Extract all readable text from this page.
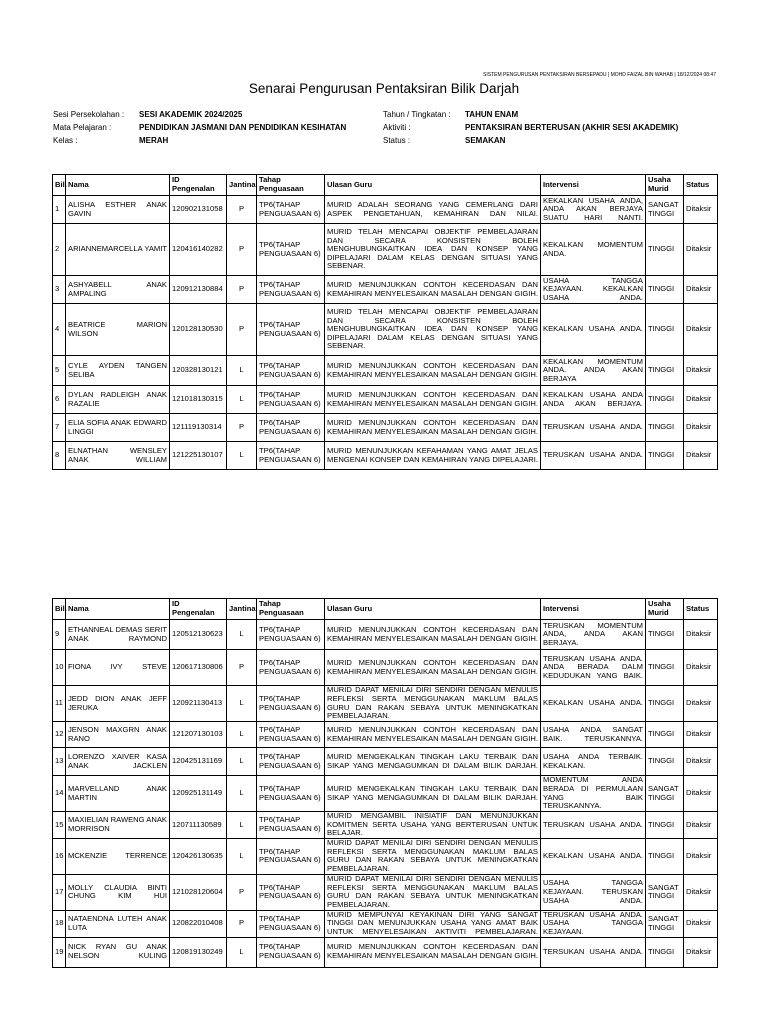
SISTEM PENGURUSAN PENTAKSIRAN BERSEPADU | MOHD FAIZAL BIN WAHAB | 18/12/2024 08:47
Senarai Pengurusan Pentaksiran Bilik Darjah
Sesi Persekolahan : SESI AKADEMIK 2024/2025
Mata Pelajaran :	PENDIDIKAN JASMANI DAN PENDIDIKAN KESIHATAN
Kelas :	MERAH
Tahun / Tingkatan : TAHUN ENAM
Aktiviti :	PENTAKSIRAN BERTERUSAN (AKHIR SESI AKADEMIK)
Status :	SEMAKAN
Bil.	Nama	ID Pengenalan	Jantina	Tahap Penguasaan	Ulasan Guru	Intervensi	Usaha Murid	Status
1	ALISHA ESTHER ANAK GAVIN	120902131058	P	TP6(TAHAP PENGUASAAN 6)	MURID ADALAH SEORANG YANG CEMERLANG DARI ASPEK PENGETAHUAN, KEMAHIRAN DAN NILAI.	KEKALKAN USAHA ANDA, ANDA AKAN BERJAYA SUATU HARI NANTI.	SANGAT TINGGI	Ditaksir
2	ARIANNEMARCELLA YAMIT	120416140282	P	TP6(TAHAP PENGUASAAN 6)	MURID TELAH MENCAPAI OBJEKTIF PEMBELAJARAN DAN SECARA KONSISTEN BOLEH MENGHUBUNGKAITKAN IDEA DAN KONSEP YANG DIPELAJARI DALAM KELAS DENGAN SITUASI YANG SEBENAR.	KEKALKAN MOMENTUM ANDA.	TINGGI	Ditaksir
3	ASHYABELL ANAK AMPALING	120912130884	P	TP6(TAHAP PENGUASAAN 6)	MURID MENUNJUKKAN CONTOH KECERDASAN DAN KEMAHIRAN MENYELESAIKAN MASALAH DENGAN GIGIH.	USAHA TANGGA KEJAYAAN. KEKALKAN USAHA ANDA.	TINGGI	Ditaksir
4	BEATRICE MARION WILSON	120128130530	P	TP6(TAHAP PENGUASAAN 6)	MURID TELAH MENCAPAI OBJEKTIF PEMBELAJARAN DAN SECARA KONSISTEN BOLEH MENGHUBUNGKAITKAN IDEA DAN KONSEP YANG DIPELAJARI DALAM KELAS DENGAN SITUASI YANG SEBENAR.	KEKALKAN USAHA ANDA.	TINGGI	Ditaksir
5	CYLE AYDEN TANGEN SELIBA	120328130121	L	TP6(TAHAP PENGUASAAN 6)	MURID MENUNJUKKAN CONTOH KECERDASAN DAN KEMAHIRAN MENYELESAIKAN MASALAH DENGAN GIGIH.	KEKALKAN MOMENTUM ANDA. ANDA AKAN BERJAYA	TINGGI	Ditaksir
6	DYLAN RADLEIGH ANAK RAZALIE	121018130315	L	TP6(TAHAP PENGUASAAN 6)	MURID MENUNJUKKAN CONTOH KECERDASAN DAN KEMAHIRAN MENYELESAIKAN MASALAH DENGAN GIGIH.	KEKALKAN USAHA ANDA ANDA AKAN BERJAYA.	TINGGI	Ditaksir
7	ELIA SOFIA ANAK EDWARD LINGGI	121119130314	P	TP6(TAHAP PENGUASAAN 6)	MURID MENUNJUKKAN CONTOH KECERDASAN DAN KEMAHIRAN MENYELESAIKAN MASALAH DENGAN GIGIH.	TERUSKAN USAHA ANDA.	TINGGI	Ditaksir
8	ELNATHAN WENSLEY ANAK WILLIAM	121225130107	L	TP6(TAHAP PENGUASAAN 6)	MURID MENUNJUKKAN KEFAHAMAN YANG AMAT JELAS MENGENAI KONSEP DAN KEMAHIRAN YANG DIPELAJARI.	TERUSKAN USAHA ANDA.	TINGGI	Ditaksir
Bil.	Nama	ID Pengenalan	Jantina	Tahap Penguasaan	Ulasan Guru	Intervensi	Usaha Murid	Status
9	ETHANNEAL DEMAS SERIT ANAK RAYMOND	120512130623	L	TP6(TAHAP PENGUASAAN 6)	MURID MENUNJUKKAN CONTOH KECERDASAN DAN KEMAHIRAN MENYELESAIKAN MASALAH DENGAN GIGIH.	TERUSKAN MOMENTUM ANDA, ANDA AKAN BERJAYA.	TINGGI	Ditaksir
10	FIONA IVY STEVE	120617130806	P	TP6(TAHAP PENGUASAAN 6)	MURID MENUNJUKKAN CONTOH KECERDASAN DAN KEMAHIRAN MENYELESAIKAN MASALAH DENGAN GIGIH.	TERUSKAN USAHA ANDA. ANDA BERADA DALM KEDUDUKAN YANG BAIK.	TINGGI	Ditaksir
11	JEDD DION ANAK JEFF JERUKA	120921130413	L	TP6(TAHAP PENGUASAAN 6)	MURID DAPAT MENILAI DIRI SENDIRI DENGAN MENULIS REFLEKSI SERTA MENGGUNAKAN MAKLUM BALAS GURU DAN RAKAN SEBAYA UNTUK MENINGKATKAN PEMBELAJARAN.	KEKALKAN USAHA ANDA.	TINGGI	Ditaksir
12	JENSON MAXGRN ANAK RANO	121207130103	L	TP6(TAHAP PENGUASAAN 6)	MURID MENUNJUKKAN CONTOH KECERDASAN DAN KEMAHIRAN MENYELESAIKAN MASALAH DENGAN GIGIH.	USAHA ANDA SANGAT BAIK. TERUSKANNYA.	TINGGI	Ditaksir
13	LORENZO XAIVER KASA ANAK JACKLEN	120425131169	L	TP6(TAHAP PENGUASAAN 6)	MURID MENGEKALKAN TINGKAH LAKU TERBAIK DAN SIKAP YANG MENGAGUMKAN DI DALAM BILIK DARJAH.	USAHA ANDA TERBAIK. KEKALKAN.	TINGGI	Ditaksir
14	MARVELLAND ANAK MARTIN	120925131149	L	TP6(TAHAP PENGUASAAN 6)	MURID MENGEKALKAN TINGKAH LAKU TERBAIK DAN SIKAP YANG MENGAGUMKAN DI DALAM BILIK DARJAH.	MOMENTUM ANDA BERADA DI PERMULAAN YANG BAIK TERUSKANNYA.	SANGAT TINGGI	Ditaksir
15	MAXIELIAN RAWENG ANAK MORRISON	120711130589	L	TP6(TAHAP PENGUASAAN 6)	MURID MENGAMBIL INISIATIF DAN MENUNJUKKAN KOMITMEN SERTA USAHA YANG BERTERUSAN UNTUK BELAJAR.	TERUSKAN USAHA ANDA.	TINGGI	Ditaksir
16	MCKENZIE TERRENCE	120426130635	L	TP6(TAHAP PENGUASAAN 6)	MURID DAPAT MENILAI DIRI SENDIRI DENGAN MENULIS REFLEKSI SERTA MENGGUNAKAN MAKLUM BALAS GURU DAN RAKAN SEBAYA UNTUK MENINGKATKAN PEMBELAJARAN.	KEKALKAN USAHA ANDA.	TINGGI	Ditaksir
17	MOLLY CLAUDIA BINTI CHUNG KIM HUI	121028120604	P	TP6(TAHAP PENGUASAAN 6)	MURID DAPAT MENILAI DIRI SENDIRI DENGAN MENULIS REFLEKSI SERTA MENGGUNAKAN MAKLUM BALAS GURU DAN RAKAN SEBAYA UNTUK MENINGKATKAN PEMBELAJARAN.	USAHA TANGGA KEJAYAAN. TERUSKAN USAHA ANDA.	SANGAT TINGGI	Ditaksir
18	NATAENDNA LUTEH ANAK LUTA	120822010408	P	TP6(TAHAP PENGUASAAN 6)	MURID MEMPUNYAI KEYAKINAN DIRI YANG SANGAT TINGGI DAN MENUNJUKKAN USAHA YANG AMAT BAIK UNTUK MENYELESAIKAN AKTIVITI PEMBELAJARAN.	TERUSKAN USAHA ANDA. USAHA TANGGA KEJAYAAN.	SANGAT TINGGI	Ditaksir
19	NICK RYAN GU ANAK NELSON KULING	120819130249	L	TP6(TAHAP PENGUASAAN 6)	MURID MENUNJUKKAN CONTOH KECERDASAN DAN KEMAHIRAN MENYELESAIKAN MASALAH DENGAN GIGIH.	TERSUKAN USAHA ANDA.	TINGGI	Ditaksir
